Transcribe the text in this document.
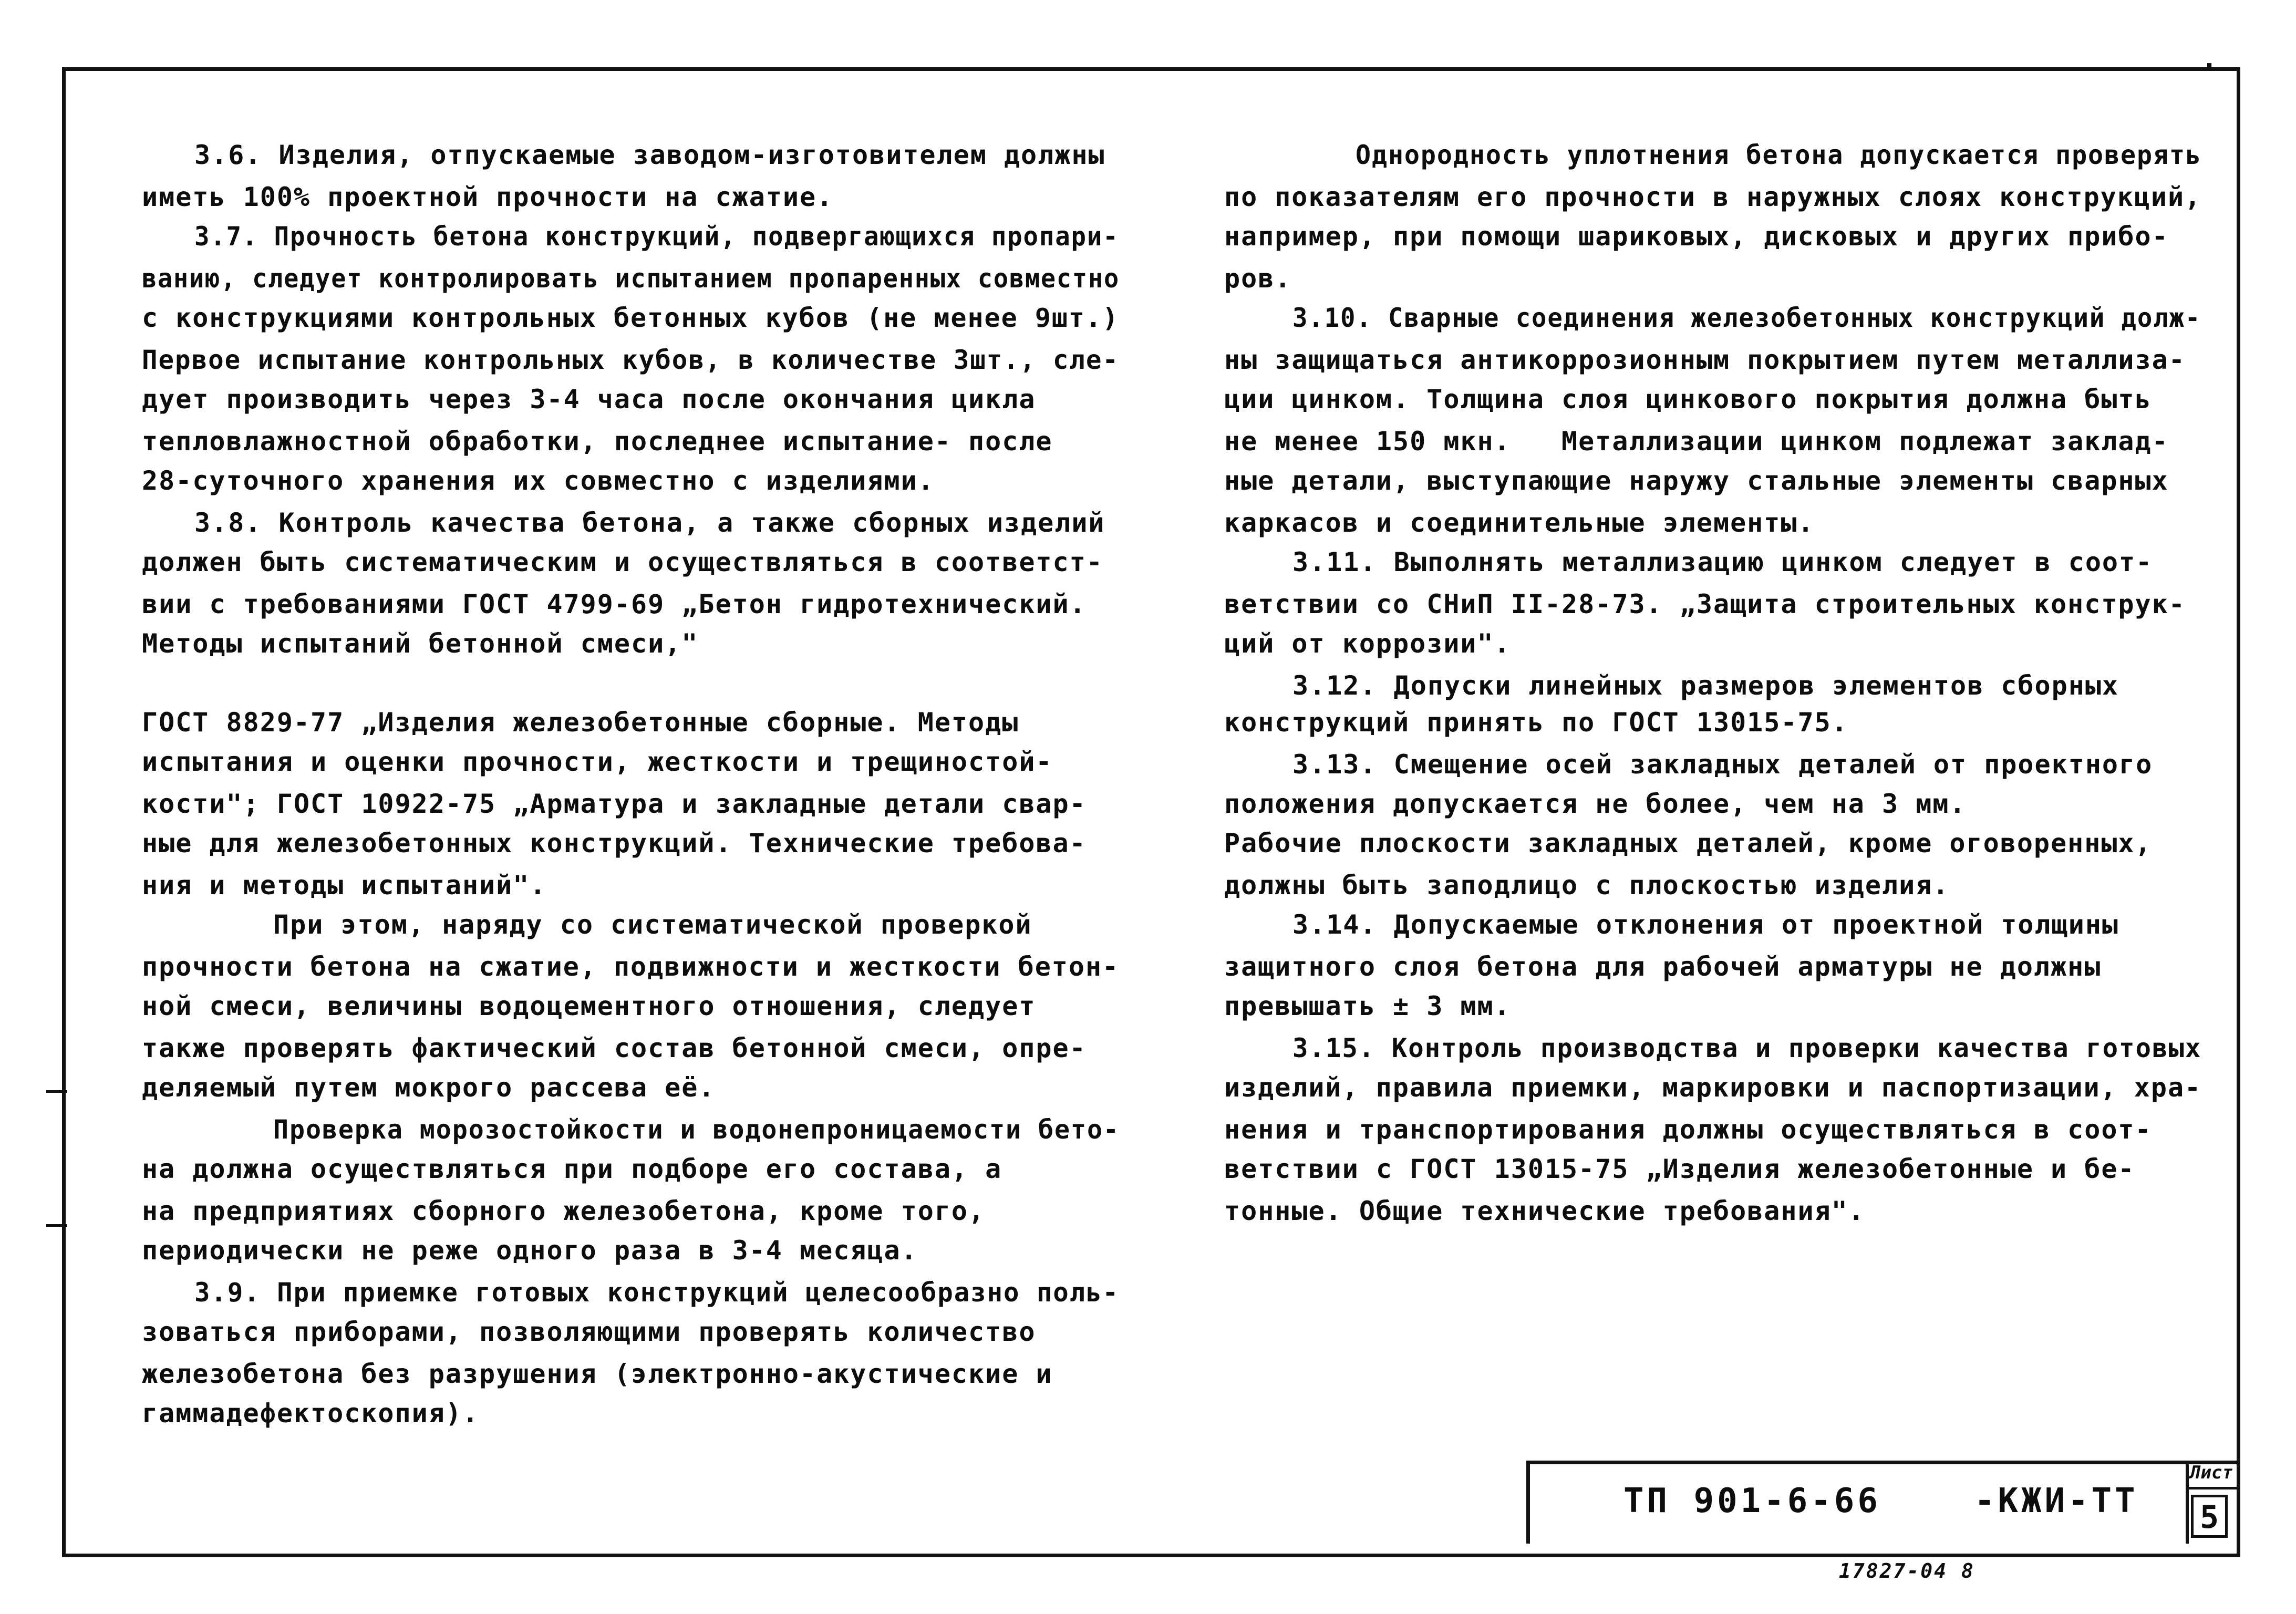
·
3.6. Изделия, отпускаемые заводом-изготовителем должны
иметь 100% проектной прочности на сжатие.
3.7. Прочность бетона конструкций, подвергающихся пропари-
ванию, следует контролировать испытанием пропаренных совместно
с конструкциями контрольных бетонных кубов (не менее 9шт.)
Первое испытание контрольных кубов, в количестве 3шт., сле-
дует производить через 3-4 часа после окончания цикла
тепловлажностной обработки, последнее испытание- после
28-суточного хранения их совместно с изделиями.
3.8. Контроль качества бетона, а также сборных изделий
должен быть систематическим и осуществляться в соответст-
вии с требованиями ГОСТ 4799-69 „Бетон гидротехнический.
Методы испытаний бетонной смеси,"
ГОСТ 8829-77 „Изделия железобетонные сборные. Методы
испытания и оценки прочности, жесткости и трещиностой-
кости"; ГОСТ 10922-75 „Арматура и закладные детали свар-
ные для железобетонных конструкций. Технические требова-
ния и методы испытаний".
При этом, наряду со систематической проверкой
прочности бетона на сжатие, подвижности и жесткости бетон-
ной смеси, величины водоцементного отношения, следует
также проверять фактический состав бетонной смеси, опре-
деляемый путем мокрого рассева её.
Проверка морозостойкости и водонепроницаемости бето-
на должна осуществляться при подборе его состава, а
на предприятиях сборного железобетона, кроме того,
периодически не реже одного раза в 3-4 месяца.
3.9. При приемке готовых конструкций целесообразно поль-
зоваться приборами, позволяющими проверять количество
железобетона без разрушения (электронно-акустические и
гаммадефектоскопия).
Однородность уплотнения бетона допускается проверять
по показателям его прочности в наружных слоях конструкций,
например, при помощи шариковых, дисковых и других прибо-
ров.
3.10. Сварные соединения железобетонных конструкций долж-
ны защищаться антикоррозионным покрытием путем металлиза-
ции цинком. Толщина слоя цинкового покрытия должна быть
не менее 150 мкн.   Металлизации цинком подлежат заклад-
ные детали, выступающие наружу стальные элементы сварных
каркасов и соединительные элементы.
3.11. Выполнять металлизацию цинком следует в соот-
ветствии со СНиП II-28-73. „Защита строительных конструк-
ций от коррозии".
3.12. Допуски линейных размеров элементов сборных
конструкций принять по ГОСТ 13015-75.
3.13. Смещение осей закладных деталей от проектного
положения допускается не более, чем на 3 мм.
Рабочие плоскости закладных деталей, кроме оговоренных,
должны быть заподлицо с плоскостью изделия.
3.14. Допускаемые отклонения от проектной толщины
защитного слоя бетона для рабочей арматуры не должны
превышать ± 3 мм.
3.15. Контроль производства и проверки качества готовых
изделий, правила приемки, маркировки и паспортизации, хра-
нения и транспортирования должны осуществляться в соот-
ветствии с ГОСТ 13015-75 „Изделия железобетонные и бе-
тонные. Общие технические требования".
ТП 901-6-66    -КЖИ-ТТ
Лист
5
17827-04 8
